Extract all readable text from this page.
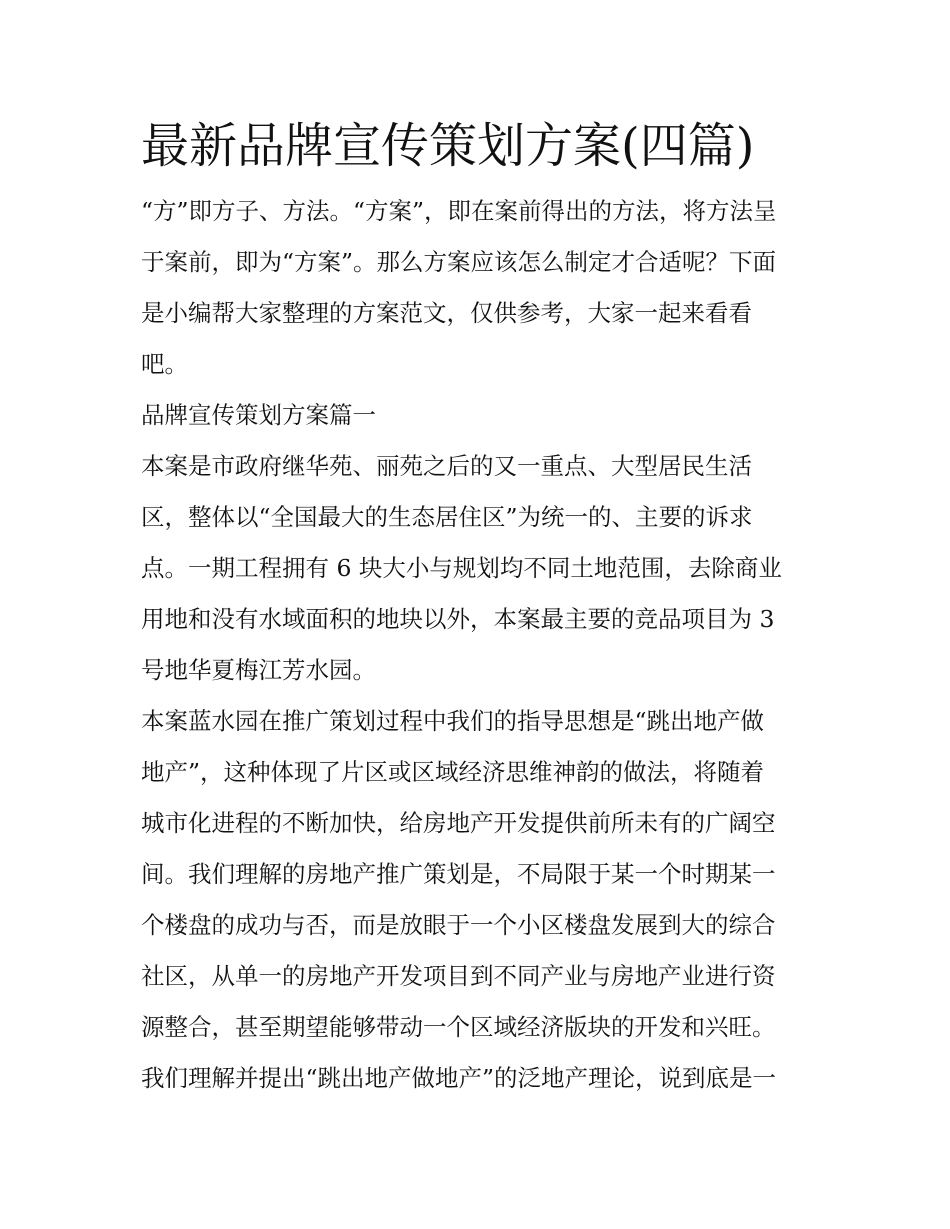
最新品牌宣传策划方案(四篇)

“方”即方子、方法。“方案”，即在案前得出的方法，将方法呈
于案前，即为“方案”。那么方案应该怎么制定才合适呢？下面
是小编帮大家整理的方案范文，仅供参考，大家一起来看看
吧。

品牌宣传策划方案篇一

本案是市政府继华苑、丽苑之后的又一重点、大型居民生活
区，整体以“全国最大的生态居住区”为统一的、主要的诉求
点。一期工程拥有 6 块大小与规划均不同土地范围，去除商业
用地和没有水域面积的地块以外，本案最主要的竞品项目为 3
号地华夏梅江芳水园。

本案蓝水园在推广策划过程中我们的指导思想是“跳出地产做
地产”，这种体现了片区或区域经济思维神韵的做法，将随着
城市化进程的不断加快，给房地产开发提供前所未有的广阔空
间。我们理解的房地产推广策划是，不局限于某一个时期某一
个楼盘的成功与否，而是放眼于一个小区楼盘发展到大的综合
社区，从单一的房地产开发项目到不同产业与房地产业进行资
源整合，甚至期望能够带动一个区域经济版块的开发和兴旺。
我们理解并提出“跳出地产做地产”的泛地产理论，说到底是一
